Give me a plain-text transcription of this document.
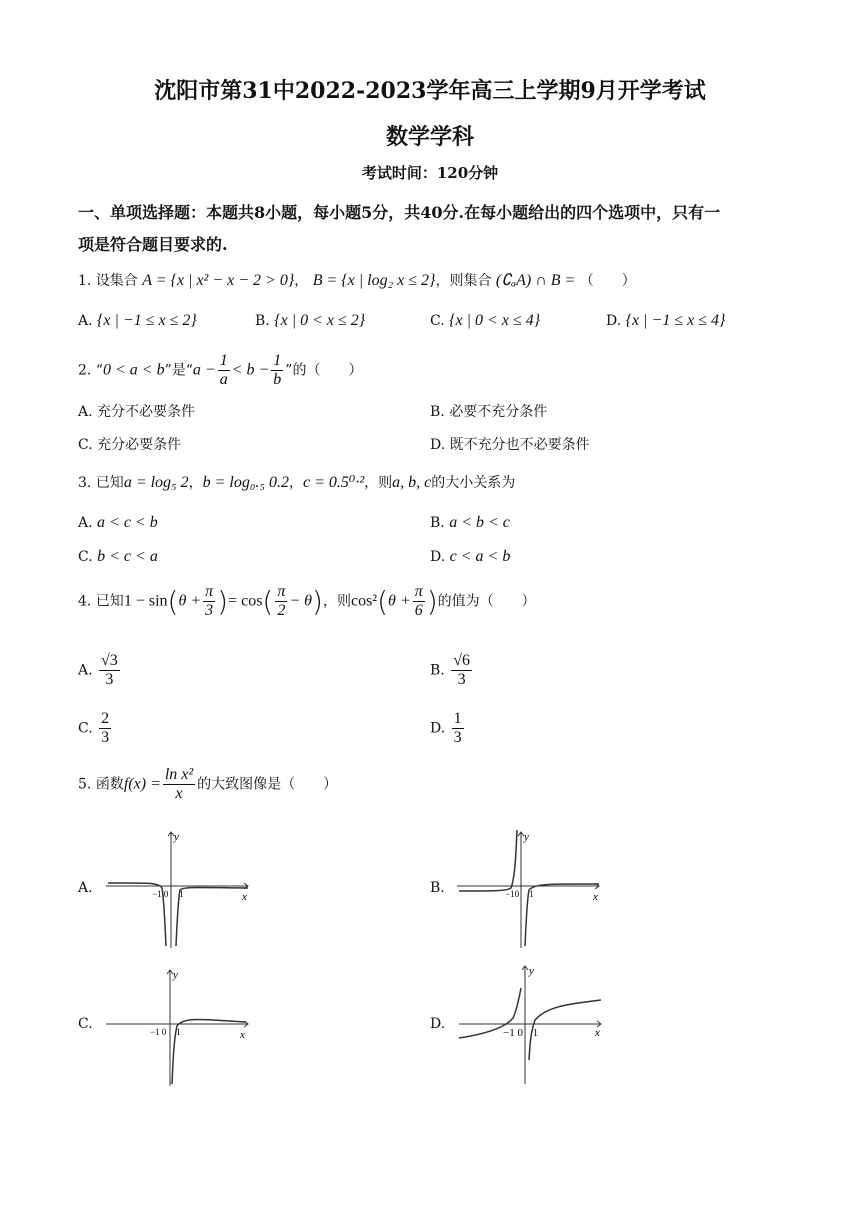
沈阳市第31中2022-2023学年高三上学期9月开学考试
数学学科
考试时间：120分钟
一、单项选择题：本题共8小题，每小题5分，共40分.在每小题给出的四个选项中，只有一
项是符合题目要求的.
1. 设集合 A = {x | x² − x − 2 > 0}， B = {x | log₂ x ≤ 2}，则集合 (∁ₐA) ∩ B = （　　）
A. {x | −1 ≤ x ≤ 2}	B. {x | 0 < x ≤ 2}	C. {x | 0 < x ≤ 4}	D. {x | −1 ≤ x ≤ 4}
2. “0 < a < b”是“$a - \frac{1}{a} < b - \frac{1}{b}$ ”的（　　）
A. 充分不必要条件	B. 必要不充分条件
C. 充分必要条件	D. 既不充分也不必要条件
3. 已知a = log₅ 2，b = log₀.₅ 0.2，c = 0.5⁰·²，则a, b, c的大小关系为
A. a < c < b	B. a < b < c
C. b < c < a	D. c < a < b
4. 已知$1 - \sin(\theta + \frac{\pi}{3}$ )= $\cos( \frac{\pi}{2} - \theta)$，则$\cos^2(\theta + \frac{\pi}{6}$ )的值为（　　）
A. $\frac{√3}{3}$	B. $\frac{√6}{3}$
C. $\frac{2}{3}$	D. $\frac{1}{3}$
5. 函数$f(x) = \frac{\text{ln x²}}{x}$ 的大致图像是（　　）
A.	B.
C.	D.
y
x
−1 0 1
y
x
−10 1
y
x
−1 0 1
y
x
−1 0 1
